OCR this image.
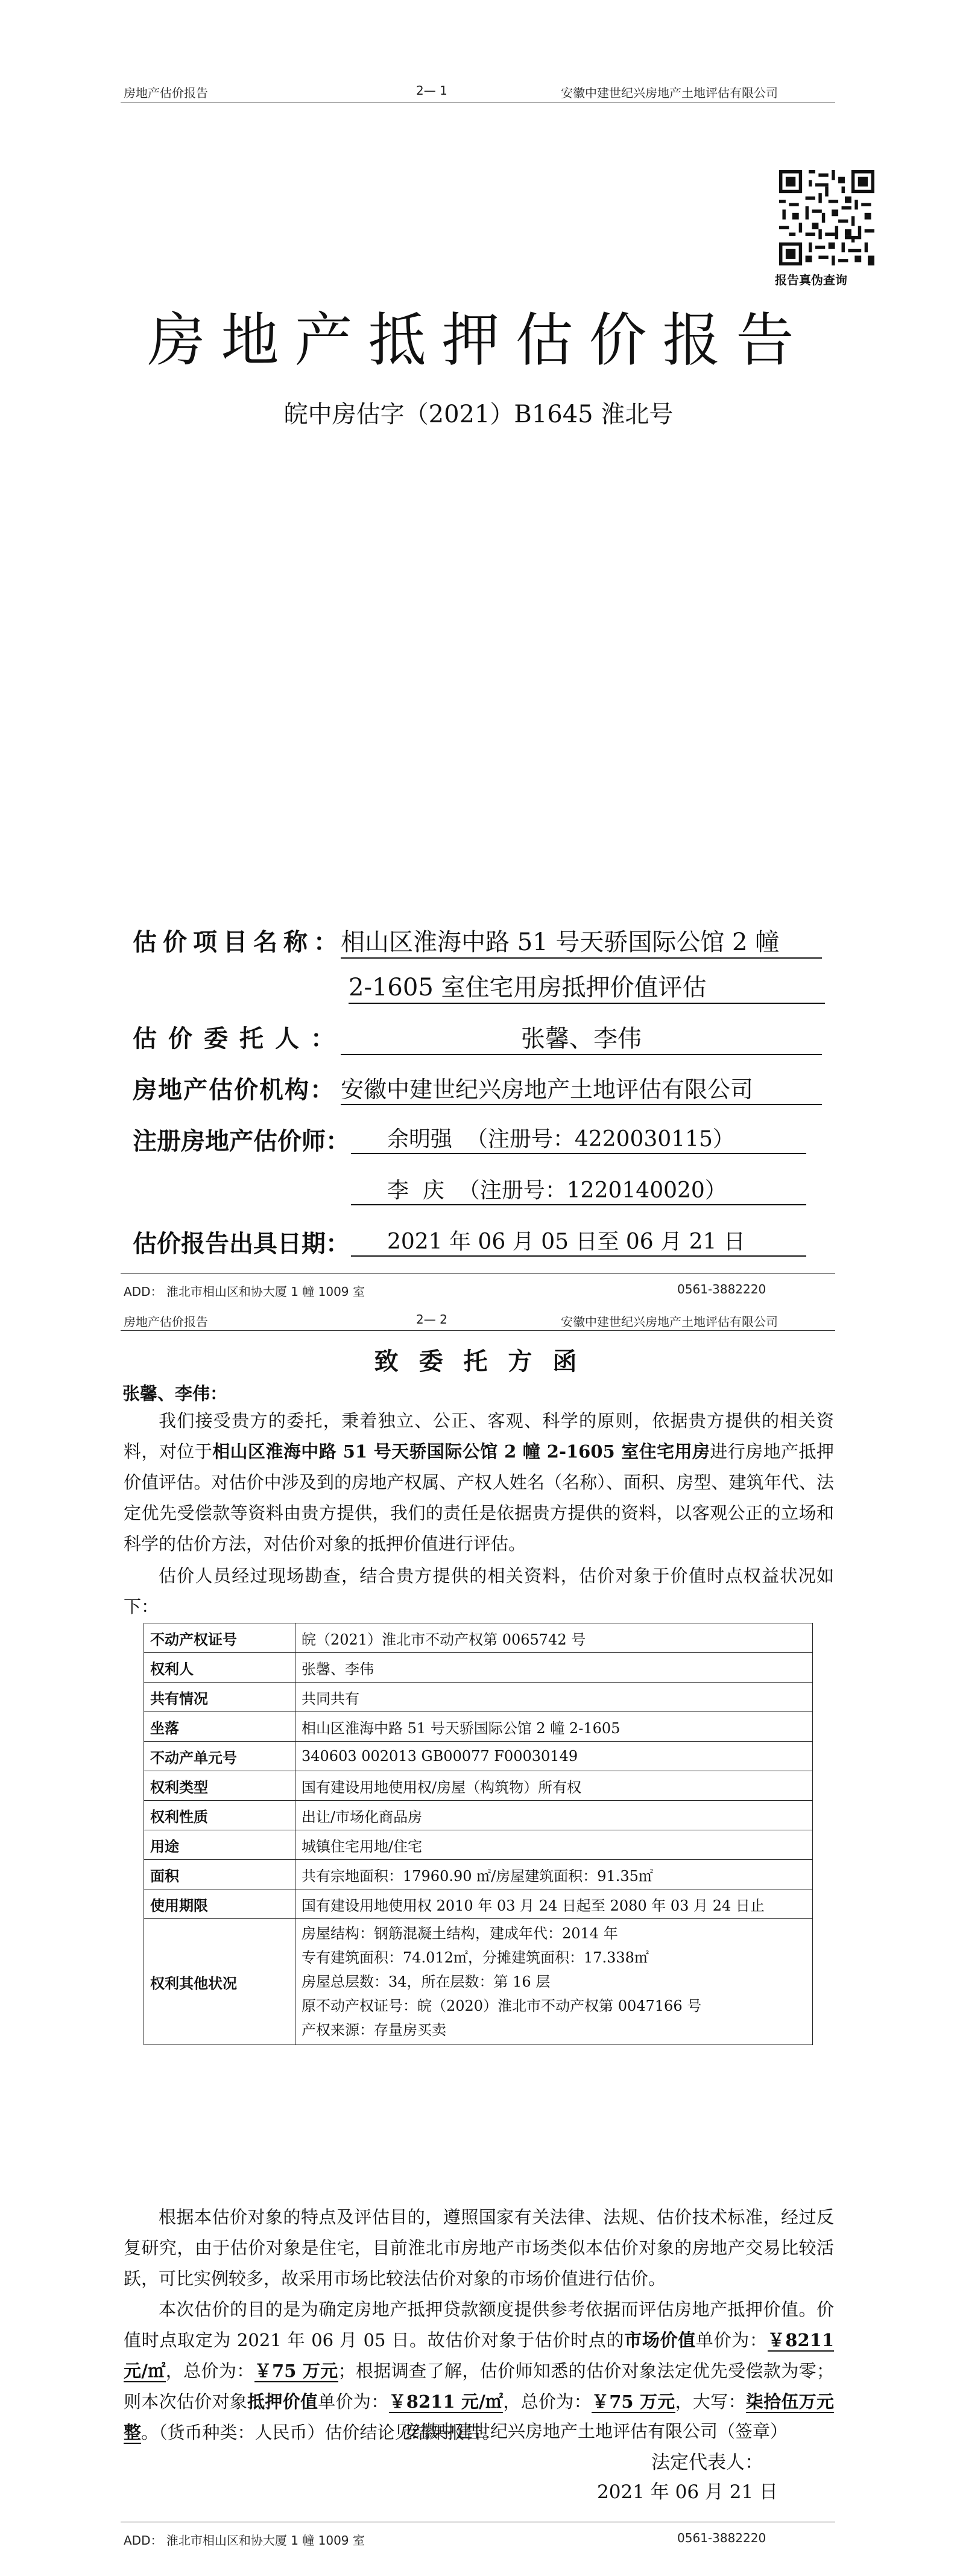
房地产估价报告	2— 1	安徽中建世纪兴房地产土地评估有限公司
报告真伪查询
房地产抵押估价报告
皖中房估字（2021）B1645 淮北号
估价项目名称：
相山区淮海中路 51 号天骄国际公馆 2 幢
2-1605 室住宅用房抵押价值评估
估价委托人：	张馨、李伟
房地产估价机构： 安徽中建世纪兴房地产土地评估有限公司
注册房地产估价师：	余明强  （注册号：4220030115）
李  庆  （注册号：1220140020）
估价报告出具日期：	2021 年 06 月 05 日至 06 月 21 日
ADD： 淮北市相山区和协大厦 1 幢 1009 室	0561-3882220
房地产估价报告	2— 2	安徽中建世纪兴房地产土地评估有限公司
致 委 托 方 函
张馨、李伟：
我们接受贵方的委托，秉着独立、公正、客观、科学的原则，依据贵方提供的相关资料，对位于相山区淮海中路 51 号天骄国际公馆 2 幢 2-1605 室住宅用房进行房地产抵押价值评估。对估价中涉及到的房地产权属、产权人姓名（名称）、面积、房型、建筑年代、法定优先受偿款等资料由贵方提供，我们的责任是依据贵方提供的资料，以客观公正的立场和科学的估价方法，对估价对象的抵押价值进行评估。
估价人员经过现场勘查，结合贵方提供的相关资料，估价对象于价值时点权益状况如下：
不动产权证号	皖（2021）淮北市不动产权第 0065742 号

权利人	张馨、李伟

共有情况	共同共有

坐落	相山区淮海中路 51 号天骄国际公馆 2 幢 2-1605

不动产单元号	340603 002013 GB00077 F00030149

权利类型	国有建设用地使用权/房屋（构筑物）所有权

权利性质	出让/市场化商品房

用途	城镇住宅用地/住宅

面积	共有宗地面积：17960.90 ㎡/房屋建筑面积：91.35㎡

使用期限	国有建设用地使用权 2010 年 03 月 24 日起至 2080 年 03 月 24 日止

权利其他状况	房屋结构：钢筋混凝土结构，建成年代：2014 年
专有建筑面积：74.012㎡，分摊建筑面积：17.338㎡
房屋总层数：34，所在层数：第 16 层
原不动产权证号：皖（2020）淮北市不动产权第 0047166 号
产权来源：存量房买卖
根据本估价对象的特点及评估目的，遵照国家有关法律、法规、估价技术标准，经过反复研究，由于估价对象是住宅，目前淮北市房地产市场类似本估价对象的房地产交易比较活跃，可比实例较多，故采用市场比较法估价对象的市场价值进行估价。
本次估价的目的是为确定房地产抵押贷款额度提供参考依据而评估房地产抵押价值。价值时点取定为 2021 年 06 月 05 日。故估价对象于估价时点的市场价值单价为：￥8211 元/㎡，总价为：￥75 万元；根据调查了解，估价师知悉的估价对象法定优先受偿款为零；则本次估价对象抵押价值单价为：￥8211 元/㎡，总价为：￥75 万元，大写：柒拾伍万元整。（货币种类：人民币）估价结论见结果报告。
安徽中建世纪兴房地产土地评估有限公司（签章）
法定代表人：
2021 年 06 月 21 日
ADD： 淮北市相山区和协大厦 1 幢 1009 室	0561-3882220
